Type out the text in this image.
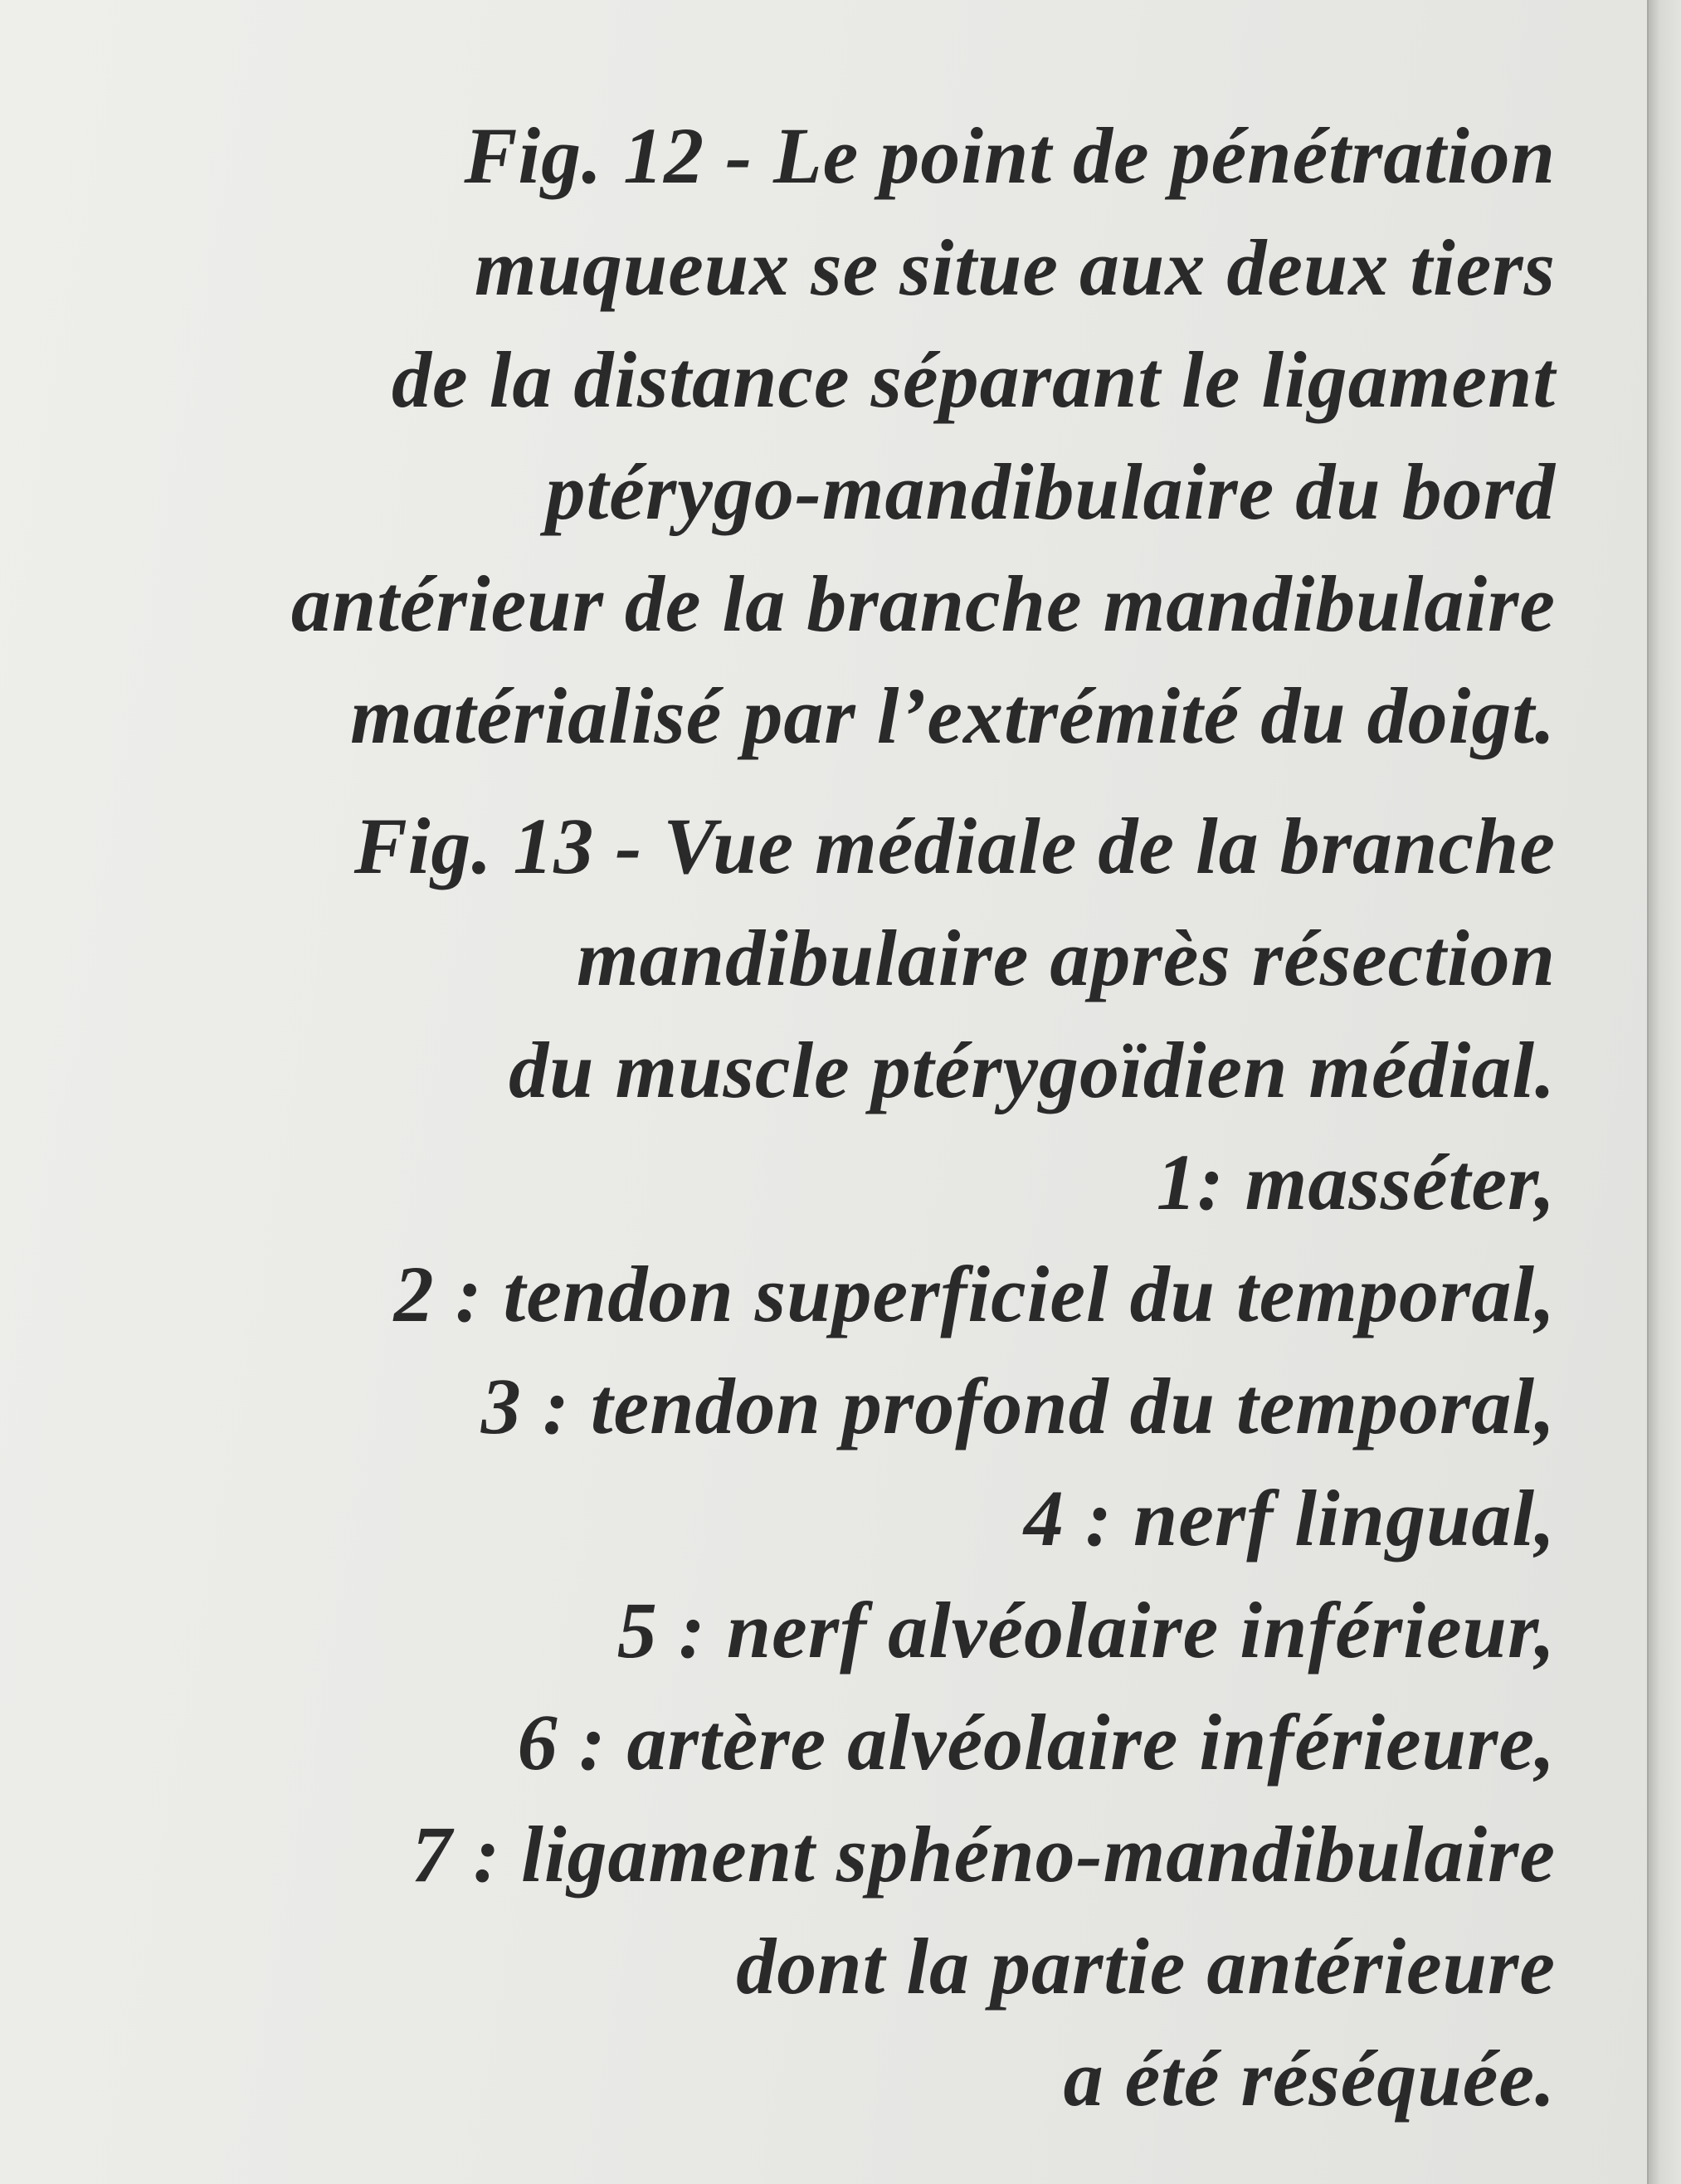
Fig. 12 - Le point de pénétration
muqueux se situe aux deux tiers
de la distance séparant le ligament
ptérygo-mandibulaire du bord
antérieur de la branche mandibulaire
matérialisé par l’extrémité du doigt.

Fig. 13 - Vue médiale de la branche
mandibulaire après résection
du muscle ptérygoïdien médial.
1: masséter,
2 : tendon superficiel du temporal,
3 : tendon profond du temporal,
4 : nerf lingual,
5 : nerf alvéolaire inférieur,
6 : artère alvéolaire inférieure,
7 : ligament sphéno-mandibulaire
dont la partie antérieure
a été réséquée.
